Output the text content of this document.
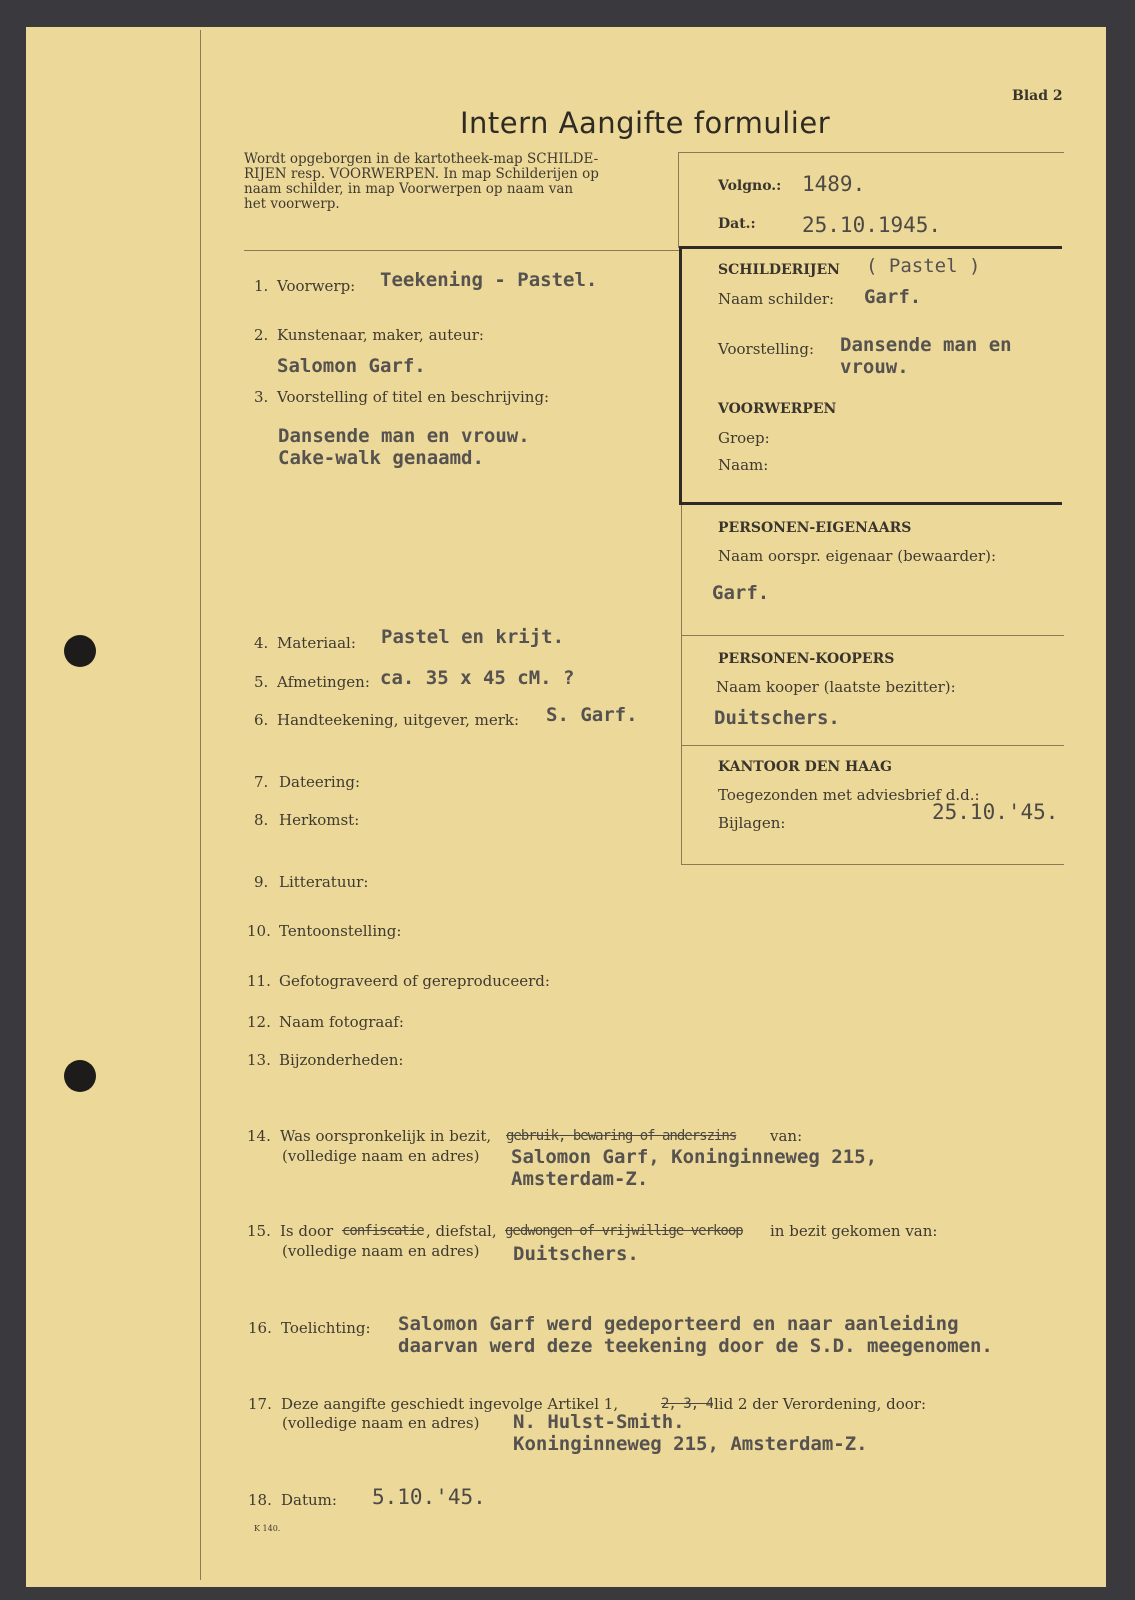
Blad 2
Intern Aangifte formulier
Wordt opgeborgen in de kartotheek-map SCHILDE-
RIJEN resp. VOORWERPEN. In map Schilderijen op
naam schilder, in map Voorwerpen op naam van
het voorwerp.
Volgno.: 1489.
Dat.: 25.10.1945.
SCHILDERIJEN ( Pastel )
Naam schilder: Garf.
Voorstelling: Dansende man en
vrouw.
VOORWERPEN
Groep:
Naam:
PERSONEN-EIGENAARS
Naam oorspr. eigenaar (bewaarder):
Garf.
PERSONEN-KOOPERS
Naam kooper (laatste bezitter):
Duitschers.
KANTOOR DEN HAAG
Toegezonden met adviesbrief d.d.:
Bijlagen:	25.10.'45.
1. Voorwerp: Teekening - Pastel.
2. Kunstenaar, maker, auteur:
Salomon Garf.
3. Voorstelling of titel en beschrijving:
Dansende man en vrouw.
Cake-walk genaamd.
4. Materiaal: Pastel en krijt.
5. Afmetingen: ca. 35 x 45 cM. ?
6. Handteekening, uitgever, merk: S. Garf.
7. Dateering:
8. Herkomst:
9. Litteratuur:
10. Tentoonstelling:
11. Gefotograveerd of gereproduceerd:
12. Naam fotograaf:
13. Bijzonderheden:
14. Was oorspronkelijk in bezit, gebruik, bewaring of anderszins	van:
(volledige naam en adres) Salomon Garf, Koninginneweg 215,
Amsterdam-Z.
15. Is door confiscatie , diefstal, gedwongen of vrijwillige verkoop	in bezit gekomen van:
(volledige naam en adres) Duitschers.
16. Toelichting: Salomon Garf werd gedeporteerd en naar aanleiding
daarvan werd deze teekening door de S.D. meegenomen.
17. Deze aangifte geschiedt ingevolge Artikel 1,	2, 3, 4 lid 2 der Verordening, door:
(volledige naam en adres) N. Hulst-Smith.
Koninginneweg 215, Amsterdam-Z.
18. Datum: 5.10.'45.
K 140.
